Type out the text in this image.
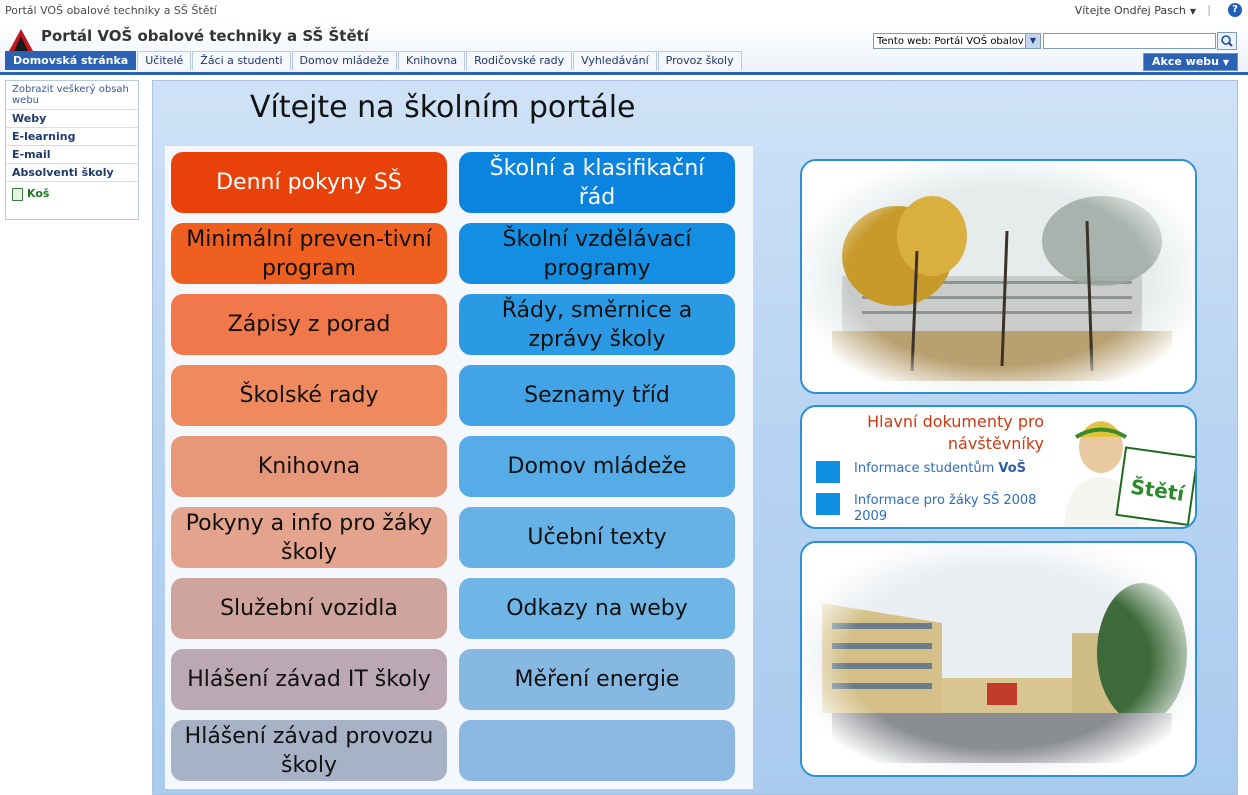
Portál VOŠ obalové techniky a SŠ Štětí	Vítejte Ondřej Pasch ▼ |	?
Portál VOŠ obalové techniky a SŠ Štětí	Tento web: Portál VOŠ obalov ▼
Domovská stránka	Učitelé	Žáci a studenti	Domov mládeže	Knihovna	Rodičovské rady	Vyhledávání	Provoz školy	Akce webu ▼
Zobrazit veškerý obsah webu
Weby
E-learning
E-mail
Absolventi školy
Koš
Vítejte na školním portále
Denní pokyny SŠ
Minimální preven-tivní program
Zápisy z porad
Školské rady
Knihovna
Pokyny a info pro žáky školy
Služební vozidla
Hlášení závad IT školy
Hlášení závad provozu školy
Školní a klasifikační řád
Školní vzdělávací programy
Řády, směrnice a zprávy školy
Seznamy tříd
Domov mládeže
Učební texty
Odkazy na weby
Měření energie
Hlavní dokumenty pro návštěvníky
Informace studentům VoŠ
Informace pro žáky SŠ 2008 2009
Štětí
